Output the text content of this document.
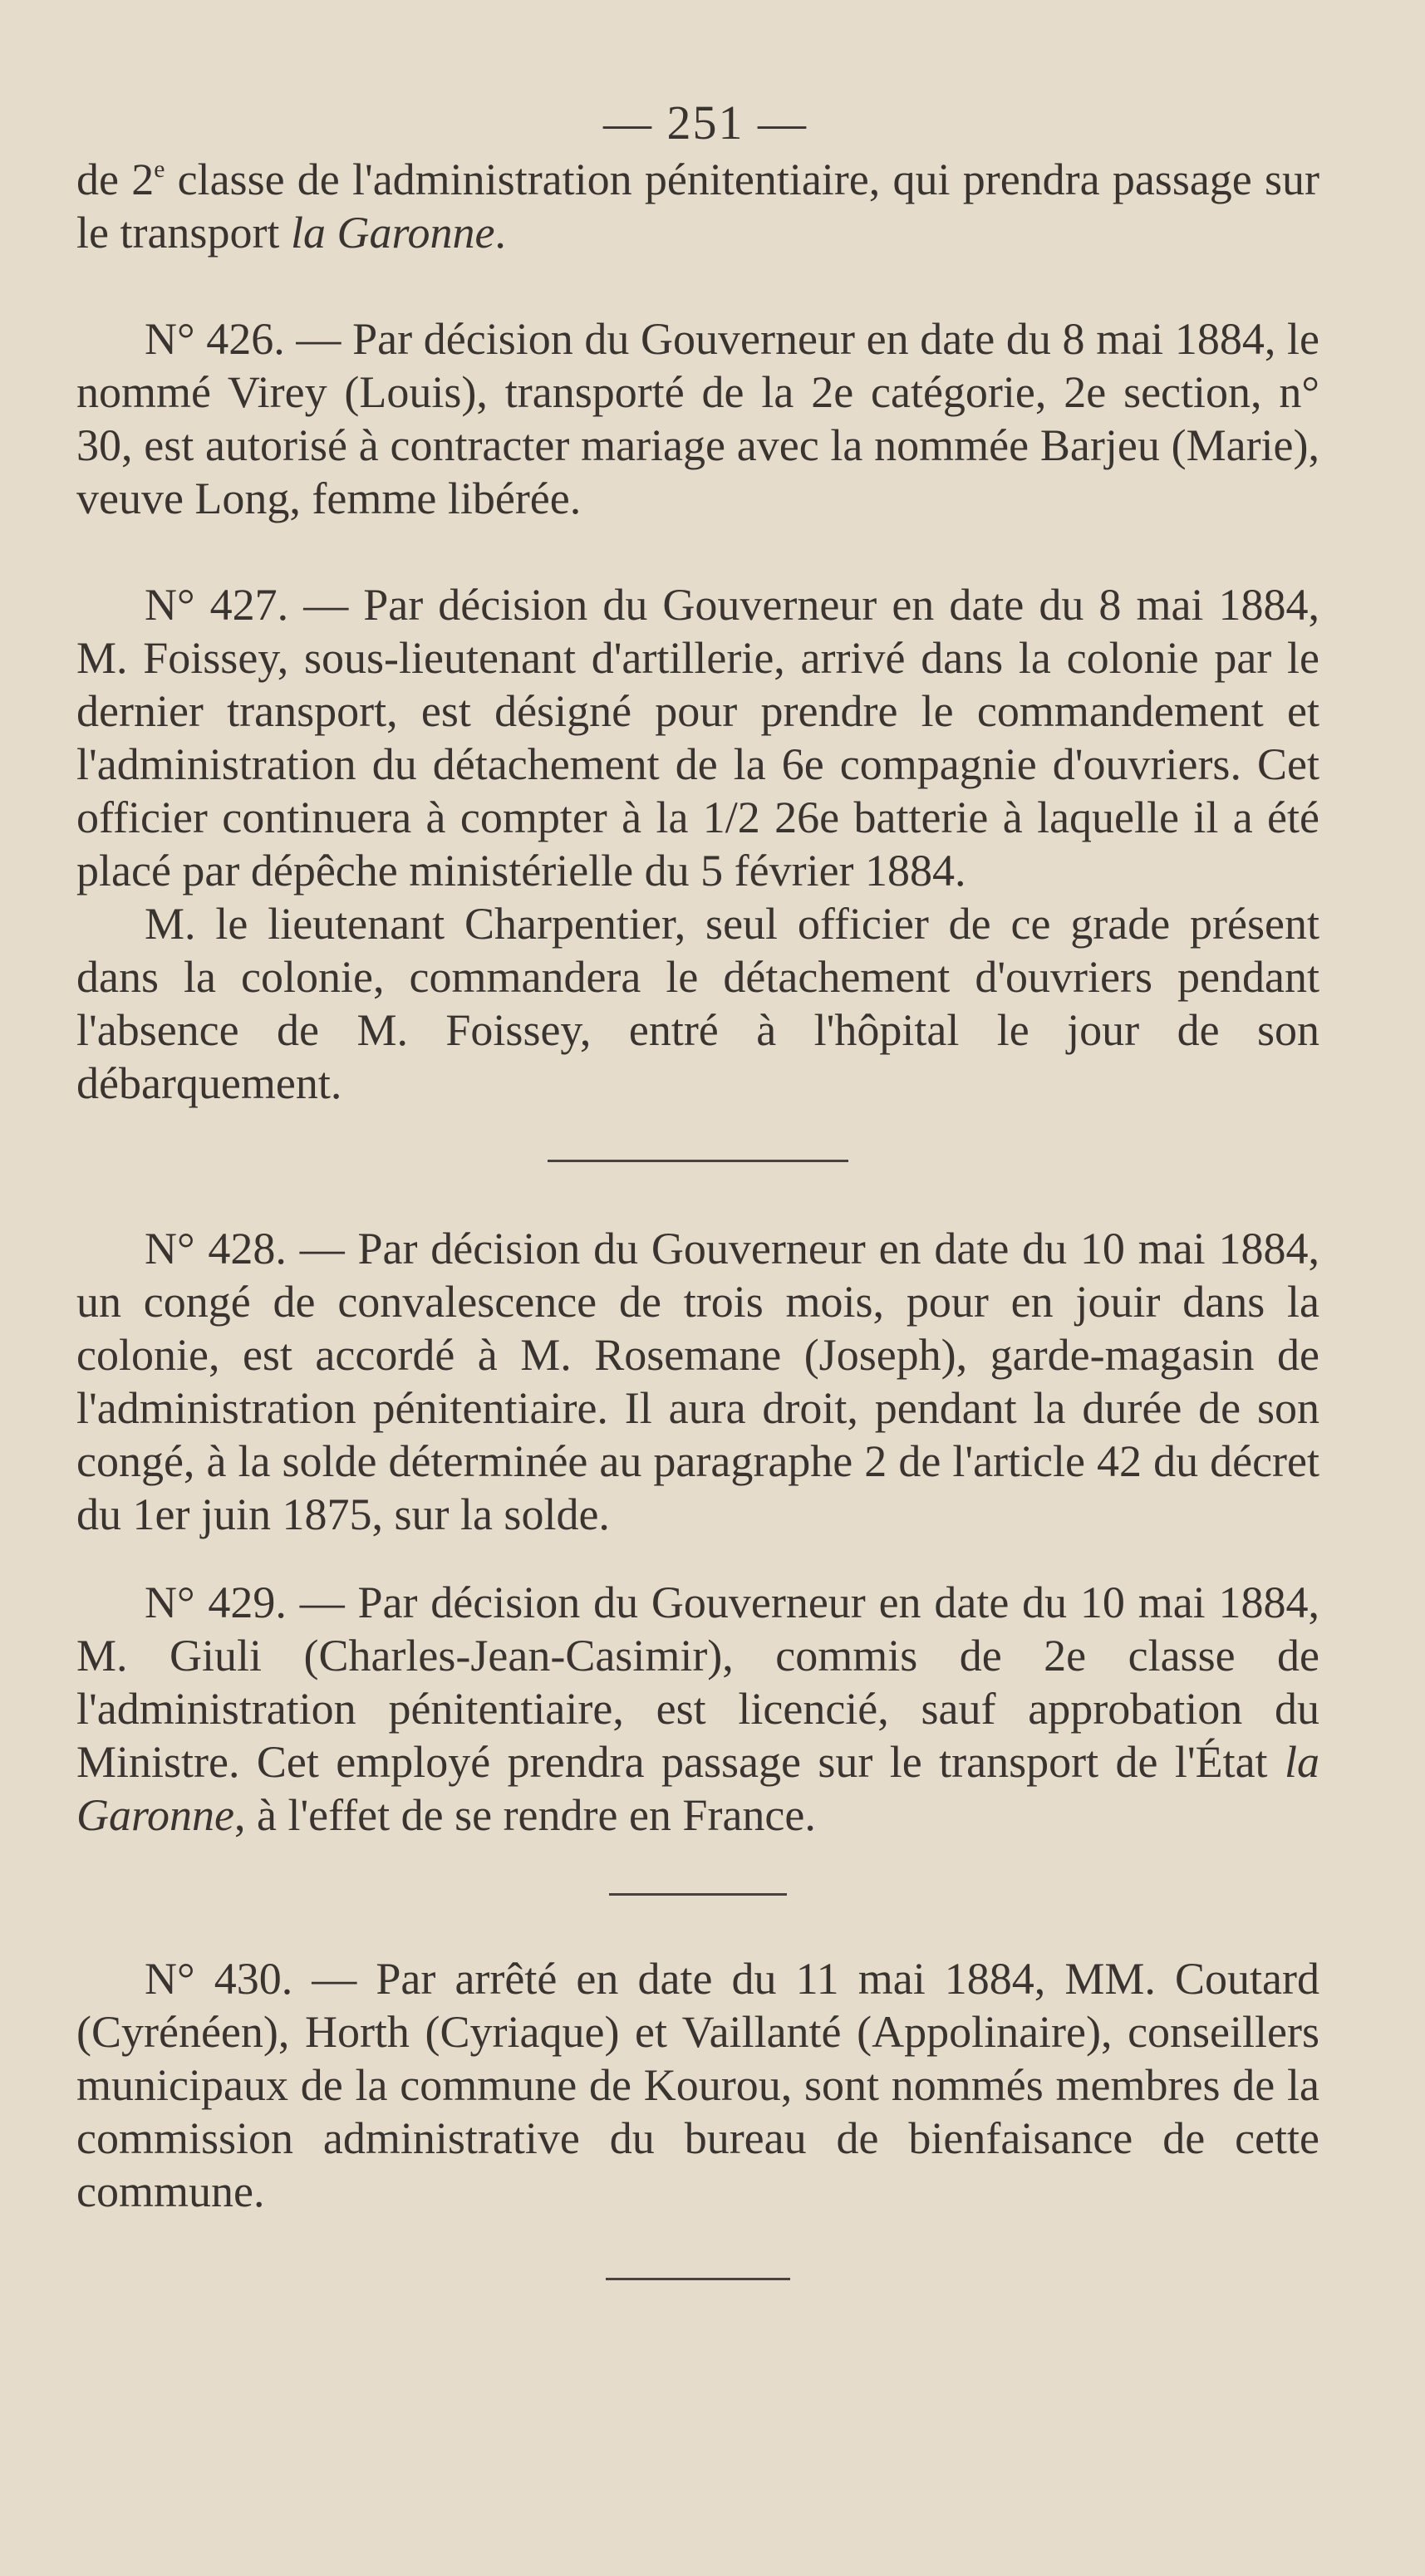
— 251 —

de 2e classe de l'administration pénitentiaire, qui prendra passage sur le transport la Garonne.

N° 426. — Par décision du Gouverneur en date du 8 mai 1884, le nommé Virey (Louis), transporté de la 2e catégorie, 2e section, n° 30, est autorisé à contracter mariage avec la nommée Barjeu (Marie), veuve Long, femme libérée.

N° 427. — Par décision du Gouverneur en date du 8 mai 1884, M. Foissey, sous-lieutenant d'artillerie, arrivé dans la colonie par le dernier transport, est désigné pour prendre le commandement et l'administration du détachement de la 6e compagnie d'ouvriers. Cet officier continuera à compter à la 1/2 26e batterie à laquelle il a été placé par dépêche ministérielle du 5 février 1884.

M. le lieutenant Charpentier, seul officier de ce grade présent dans la colonie, commandera le détachement d'ouvriers pendant l'absence de M. Foissey, entré à l'hôpital le jour de son débarquement.

N° 428. — Par décision du Gouverneur en date du 10 mai 1884, un congé de convalescence de trois mois, pour en jouir dans la colonie, est accordé à M. Rosemane (Joseph), garde-magasin de l'administration pénitentiaire. Il aura droit, pendant la durée de son congé, à la solde déterminée au paragraphe 2 de l'article 42 du décret du 1er juin 1875, sur la solde.

N° 429. — Par décision du Gouverneur en date du 10 mai 1884, M. Giuli (Charles-Jean-Casimir), commis de 2e classe de l'administration pénitentiaire, est licencié, sauf approbation du Ministre. Cet employé prendra passage sur le transport de l'État la Garonne, à l'effet de se rendre en France.

N° 430. — Par arrêté en date du 11 mai 1884, MM. Coutard (Cyrénéen), Horth (Cyriaque) et Vaillanté (Appolinaire), conseillers municipaux de la commune de Kourou, sont nommés membres de la commission administrative du bureau de bienfaisance de cette commune.
